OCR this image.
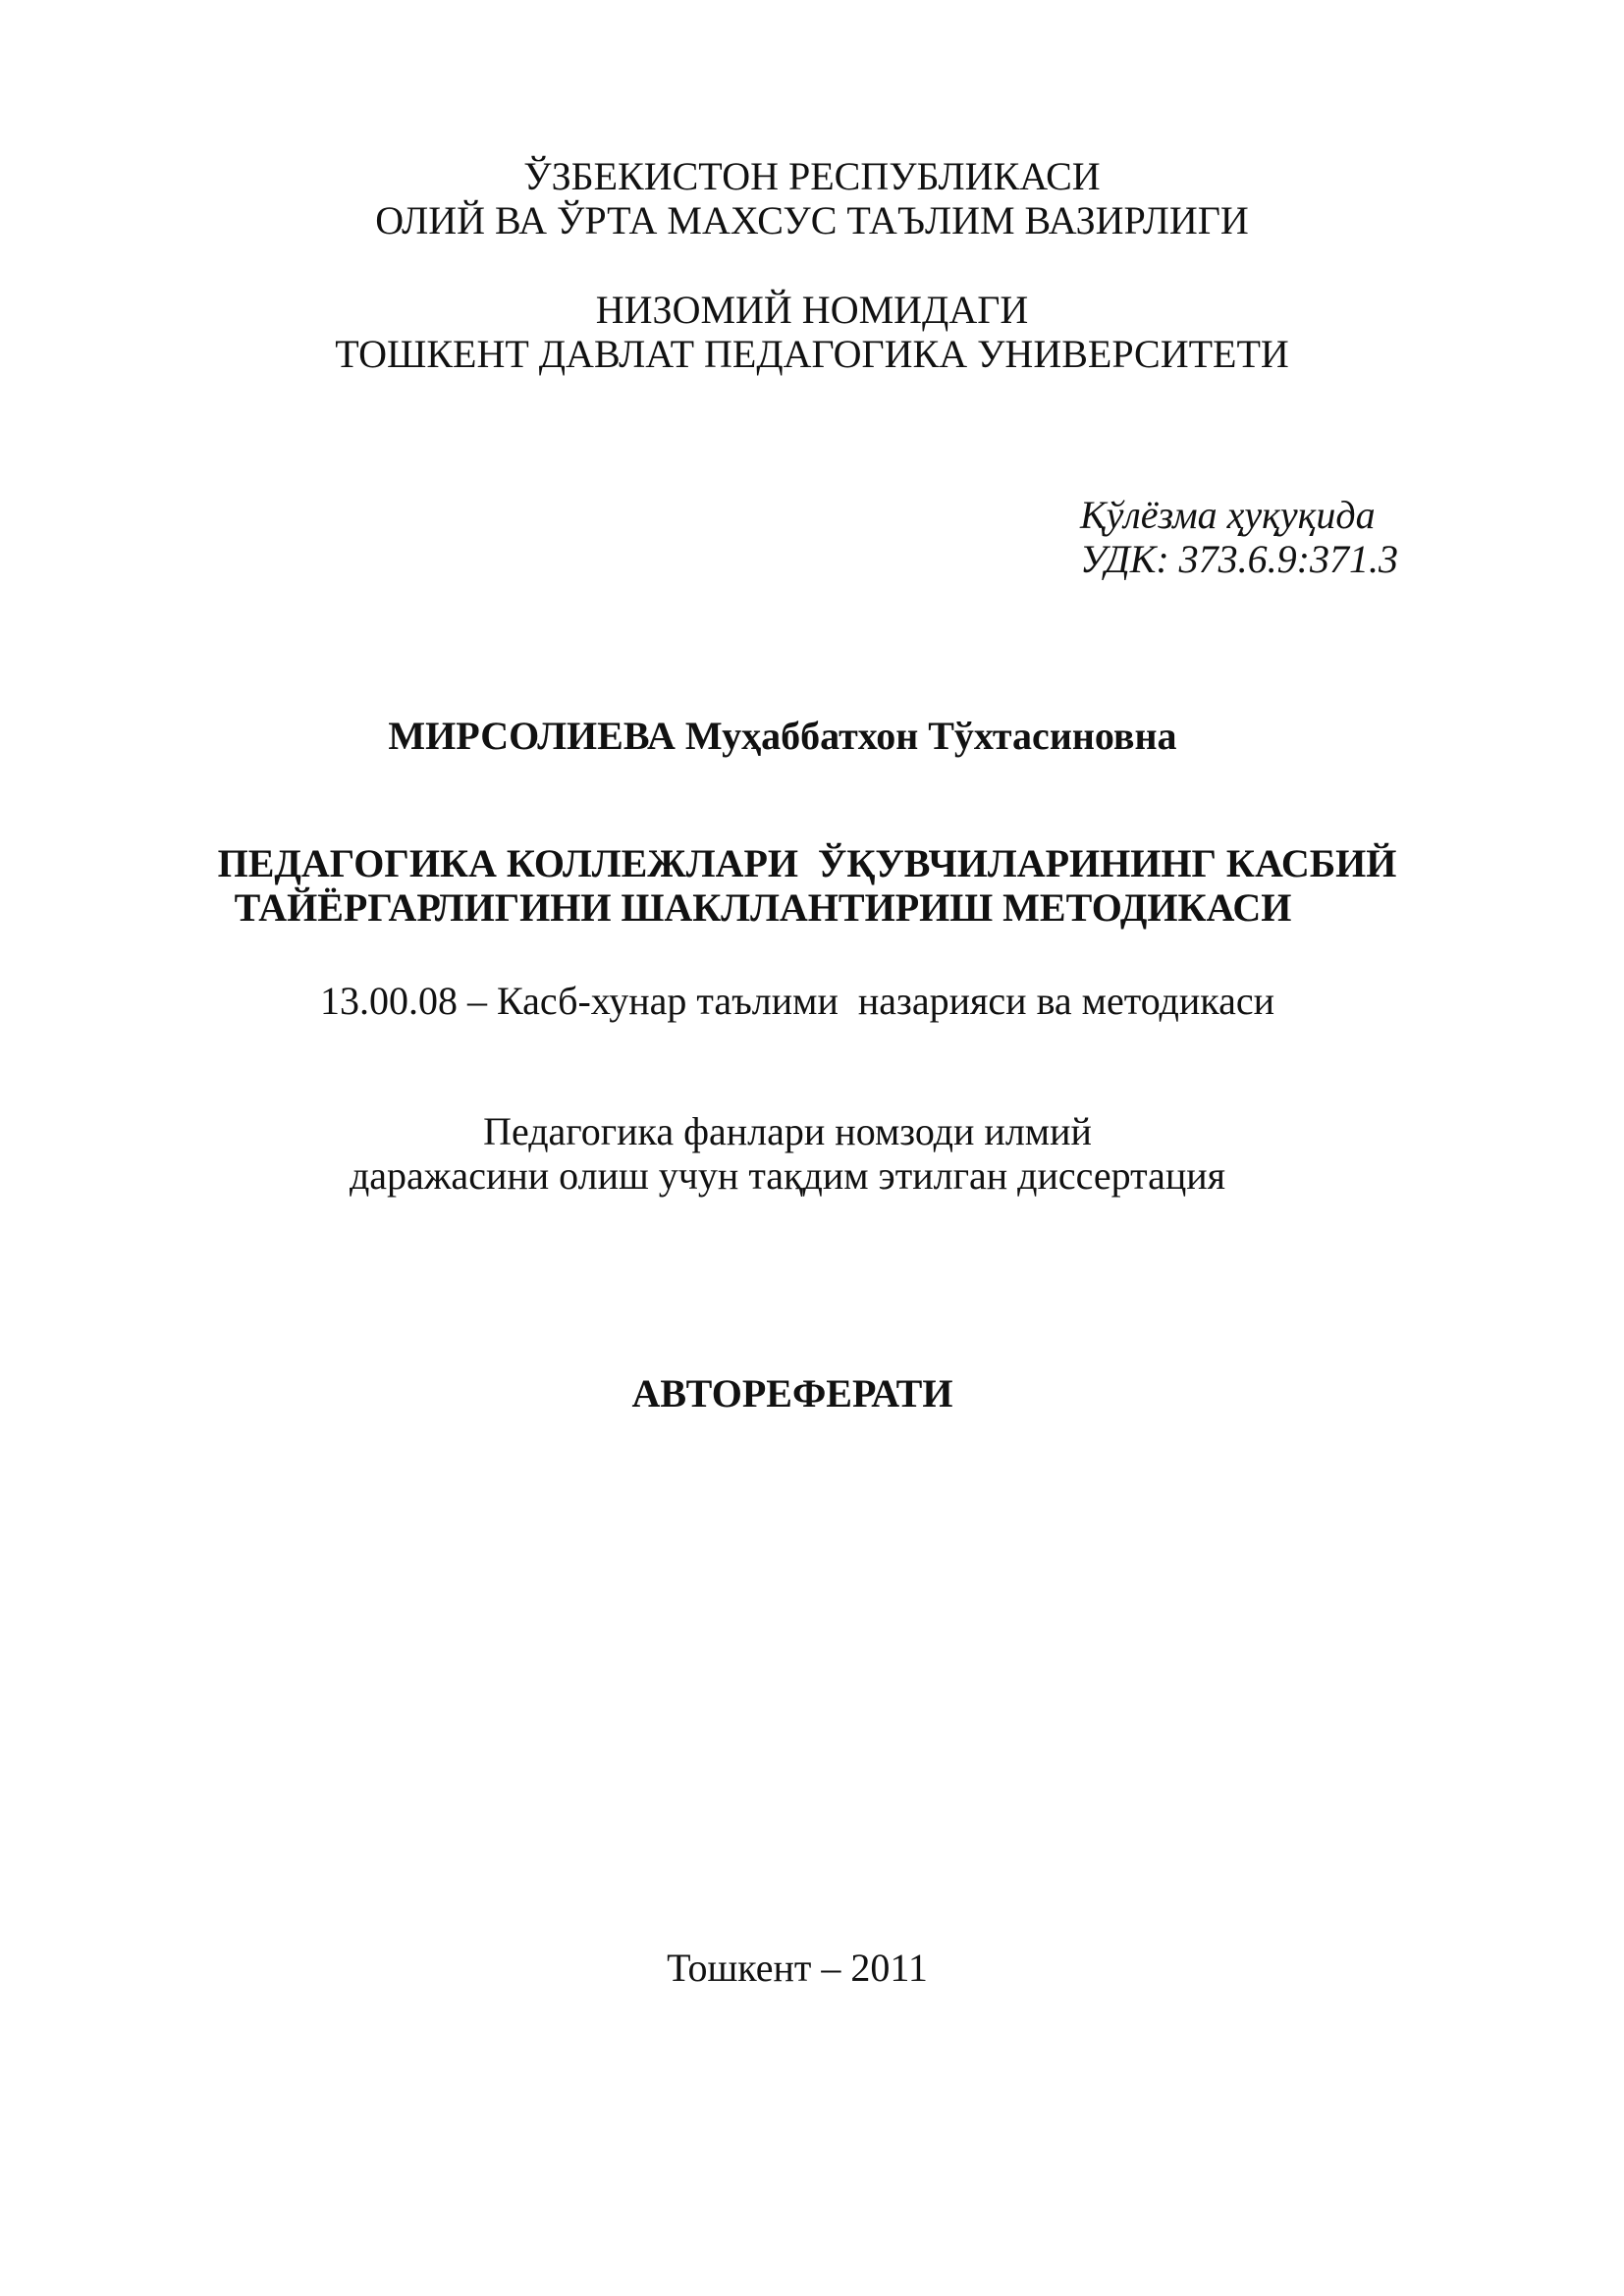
ЎЗБЕКИСТОН РЕСПУБЛИКАСИ
ОЛИЙ ВА ЎРТА МАХСУС ТАЪЛИМ ВАЗИРЛИГИ
НИЗОМИЙ НОМИДАГИ
ТОШКЕНТ ДАВЛАТ ПЕДАГОГИКА УНИВЕРСИТЕТИ
Қўлёзма ҳуқуқида
УДК: 373.6.9:371.3
МИРСОЛИЕВА Муҳаббатхон Тўхтасиновна
ПЕДАГОГИКА КОЛЛЕЖЛАРИ  ЎҚУВЧИЛАРИНИНГ КАСБИЙ
ТАЙЁРГАРЛИГИНИ ШАКЛЛАНТИРИШ МЕТОДИКАСИ
13.00.08 – Касб-хунар таълими  назарияси ва методикаси
Педагогика фанлари номзоди илмий
даражасини олиш учун тақдим этилган диссертация
АВТОРЕФЕРАТИ
Тошкент – 2011
